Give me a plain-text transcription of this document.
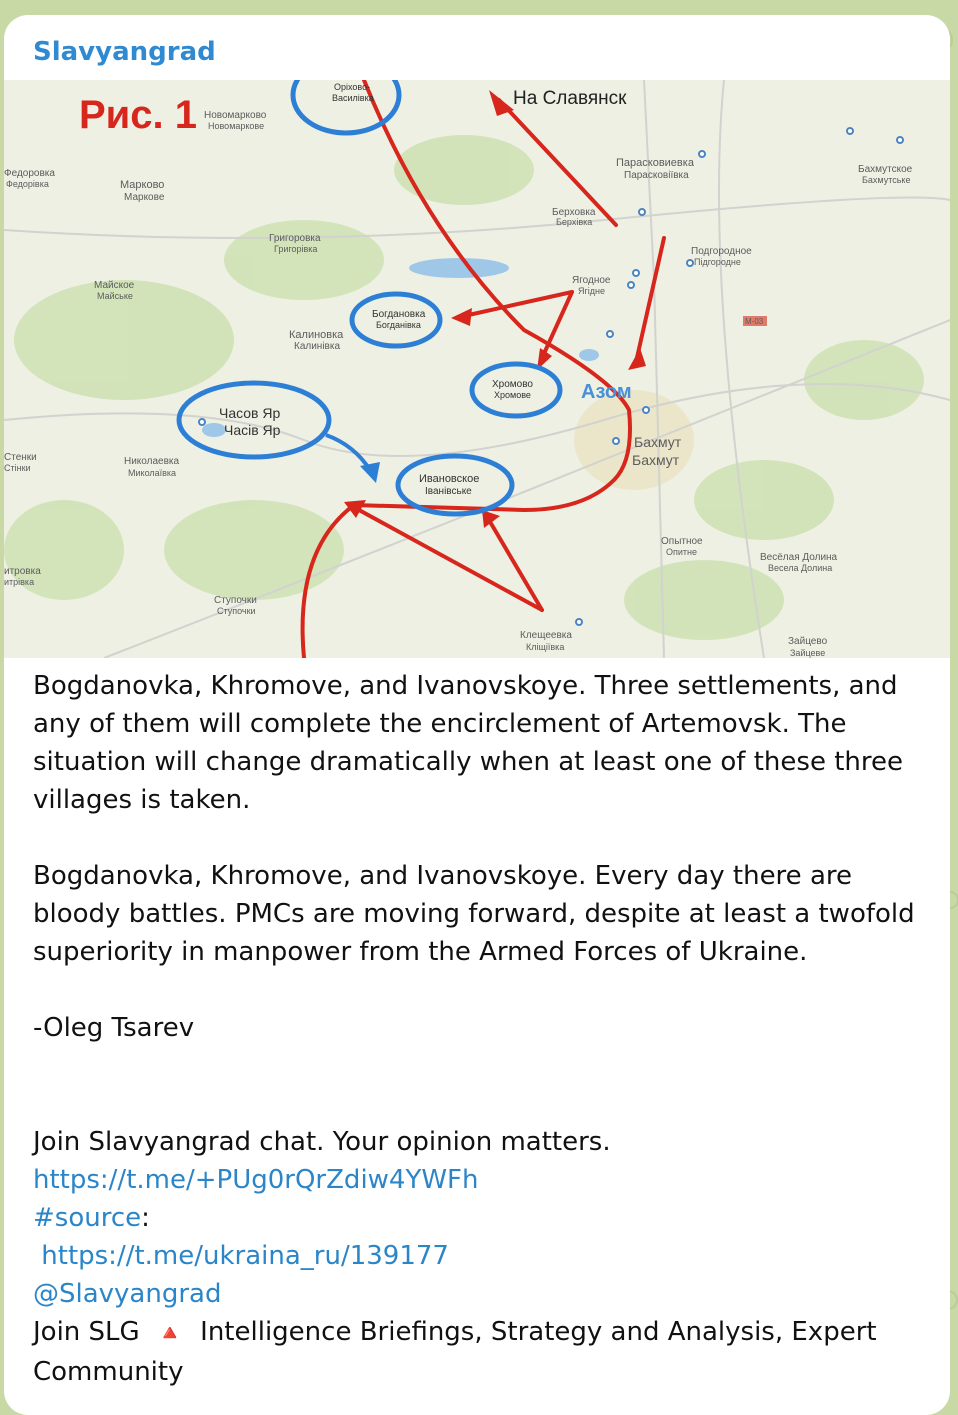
Slavyangrad
M-03
Рис. 1	На Славянск
Азом
Часов Яр
Часів Яр
Богдановка
Богданівка
Хромово
Хромове
Ивановское
Іванівське
Орiхово-
Василiвка
Новомарково
Новомаркове
Федоровка
Федорівка	Марково
Маркове
Григоровка
Григорівка
Майское
Майське
Калиновка
Калинівка
Николаевка
Миколаївка
Ступочки
Ступочки
Стенки
Стінки
итровка
итрівка
Парасковиевка
Парасковіївка
Берховка
Берхівка
Ягодное
Ягідне
Подгородное
Підгородне
Бахмутское
Бахмутське
Бахмут
Бахмут
Опытное
Опитне	Весёлая Долина
Весела Долина
Клещеевка
Кліщіївка	Зайцево
Зайцеве

Bogdanovka, Khromove, and Ivanovskoye. Three settlements, and any of them will complete the encirclement of Artemovsk. The situation will change dramatically when at least one of these three villages is taken.

Bogdanovka, Khromove, and Ivanovskoye. Every day there are bloody battles. PMCs are moving forward, despite at least a twofold superiority in manpower from the Armed Forces of Ukraine.

-Oleg Tsarev

Join Slavyangrad chat. Your opinion matters.

https://t.me/+PUg0rQrZdiw4YWFh

#source:

https://t.me/ukraina_ru/139177

@Slavyangrad

Join SLG 🔺 Intelligence Briefings, Strategy and Analysis, Expert Community
